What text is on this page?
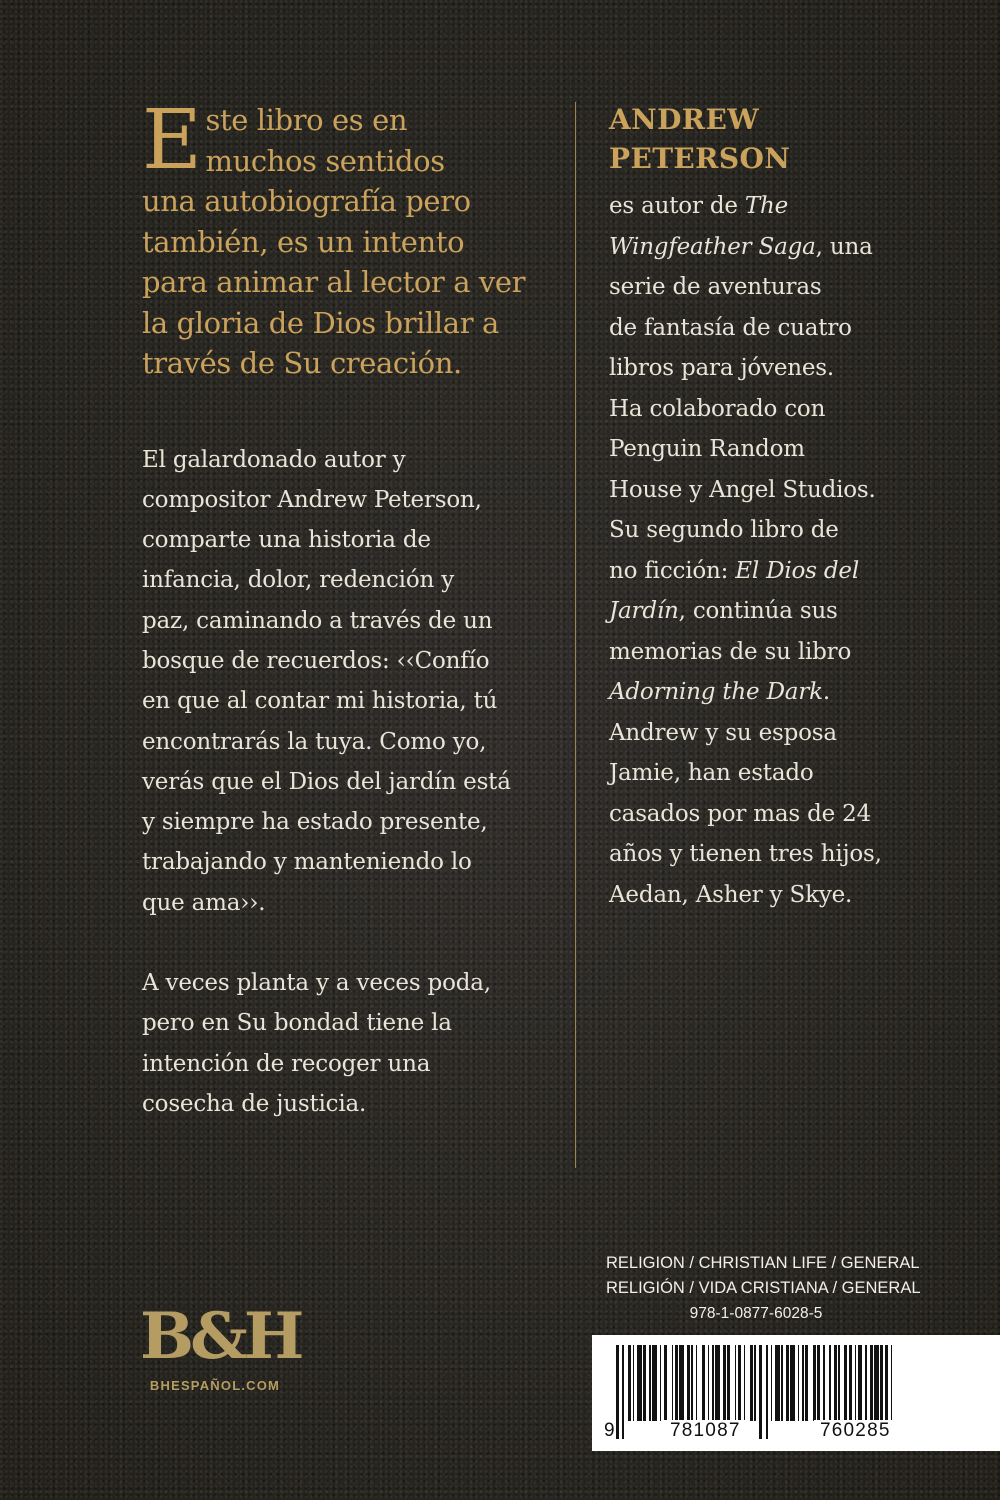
E ste libro es en
muchos sentidos
una autobiografía pero
también, es un intento
para animar al lector a ver
la gloria de Dios brillar a
través de Su creación.

El galardonado autor y
compositor Andrew Peterson,
comparte una historia de
infancia, dolor, redención y
paz, caminando a través de un
bosque de recuerdos: ‹‹Confío
en que al contar mi historia, tú
encontrarás la tuya. Como yo,
verás que el Dios del jardín está
y siempre ha estado presente,
trabajando y manteniendo lo
que ama››.
A veces planta y a veces poda,
pero en Su bondad tiene la
intención de recoger una
cosecha de justicia.
ANDREW
PETERSON
es autor de The
Wingfeather Saga, una
serie de aventuras
de fantasía de cuatro
libros para jóvenes.
Ha colaborado con
Penguin Random
House y Angel Studios.
Su segundo libro de
no ficción: El Dios del
Jardín, continúa sus
memorias de su libro
Adorning the Dark.
Andrew y su esposa
Jamie, han estado
casados por mas de 24
años y tienen tres hijos,
Aedan, Asher y Skye.
B&H
BHESPAÑOL.COM
RELIGION / CHRISTIAN LIFE / GENERAL
RELIGIÓN / VIDA CRISTIANA / GENERAL
978-1-0877-6028-5
9	781087	760285
